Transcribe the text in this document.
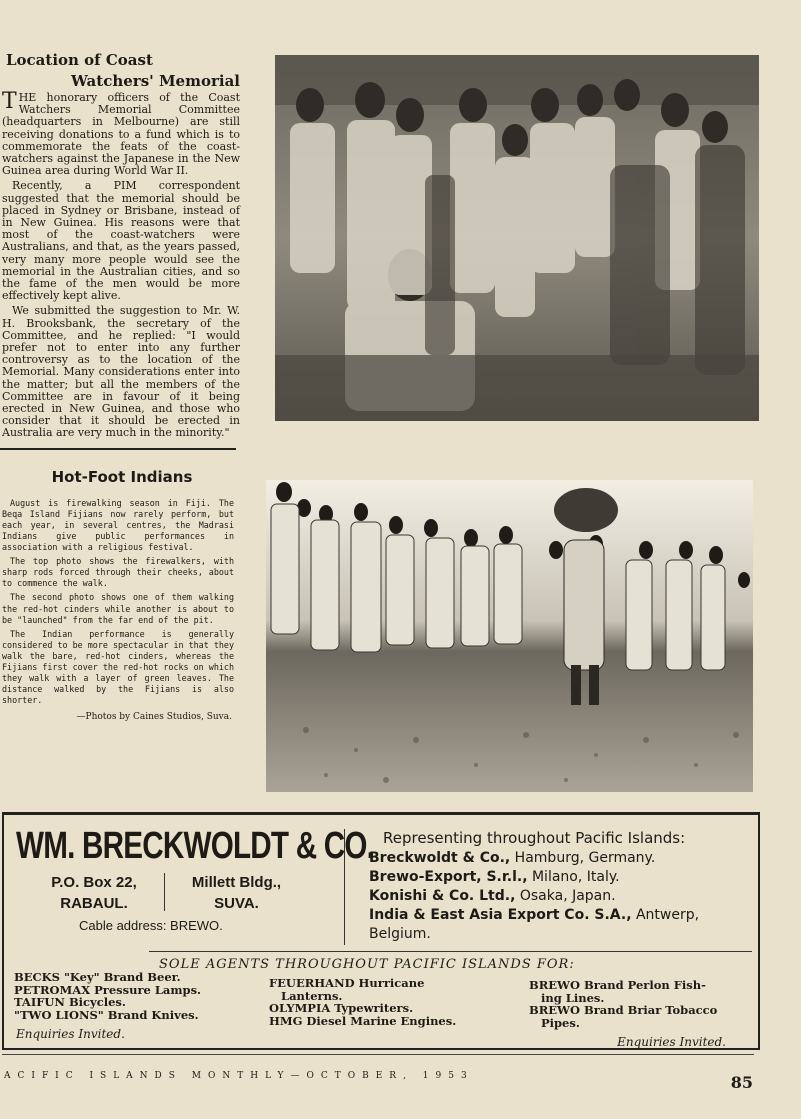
Location of Coast
Watchers' Memorial

THE honorary officers of the Coast Watchers Memorial Committee (headquarters in Melbourne) are still receiving donations to a fund which is to commemorate the feats of the coast-watchers against the Japanese in the New Guinea area during World War II.

Recently, a PIM correspondent suggested that the memorial should be placed in Sydney or Brisbane, instead of in New Guinea. His reasons were that most of the coast-watchers were Australians, and that, as the years passed, very many more people would see the memorial in the Australian cities, and so the fame of the men would be more effectively kept alive.

We submitted the suggestion to Mr. W. H. Brooksbank, the secretary of the Committee, and he replied: "I would prefer not to enter into any further controversy as to the location of the Memorial. Many considerations enter into the matter; but all the members of the Committee are in favour of it being erected in New Guinea, and those who consider that it should be erected in Australia are very much in the minority."

Hot-Foot Indians

August is firewalking season in Fiji. The Beqa Island Fijians now rarely perform, but each year, in several centres, the Madrasi Indians give public performances in association with a religious festival.

The top photo shows the firewalkers, with sharp rods forced through their cheeks, about to commence the walk.

The second photo shows one of them walking the red-hot cinders while another is about to be "launched" from the far end of the pit.

The Indian performance is generally considered to be more spectacular in that they walk the bare, red-hot cinders, whereas the Fijians first cover the red-hot rocks on which they walk with a layer of green leaves. The distance walked by the Fijians is also shorter.

—Photos by Caines Studios, Suva.
WM. BRECKWOLDT & CO.
P.O. Box 22,
RABAUL.
Millett Bldg.,
SUVA.
Cable address: BREWO.
Representing throughout Pacific Islands:
Breckwoldt & Co., Hamburg, Germany.
Brewo-Export, S.r.l., Milano, Italy.
Konishi & Co. Ltd., Osaka, Japan.
India & East Asia Export Co. S.A., Antwerp, Belgium.
SOLE AGENTS THROUGHOUT PACIFIC ISLANDS FOR:
BECKS "Key" Brand Beer.
PETROMAX Pressure Lamps.
TAIFUN Bicycles.
"TWO LIONS" Brand Knives.
FEUERHAND Hurricane
Lanterns.
OLYMPIA Typewriters.
HMG Diesel Marine Engines.
BREWO Brand Perlon Fish-
ing Lines.
BREWO Brand Briar Tobacco
Pipes.
Enquiries Invited.
Enquiries Invited.
ACIFIC ISLANDS MONTHLY—OCTOBER, 1953	85
